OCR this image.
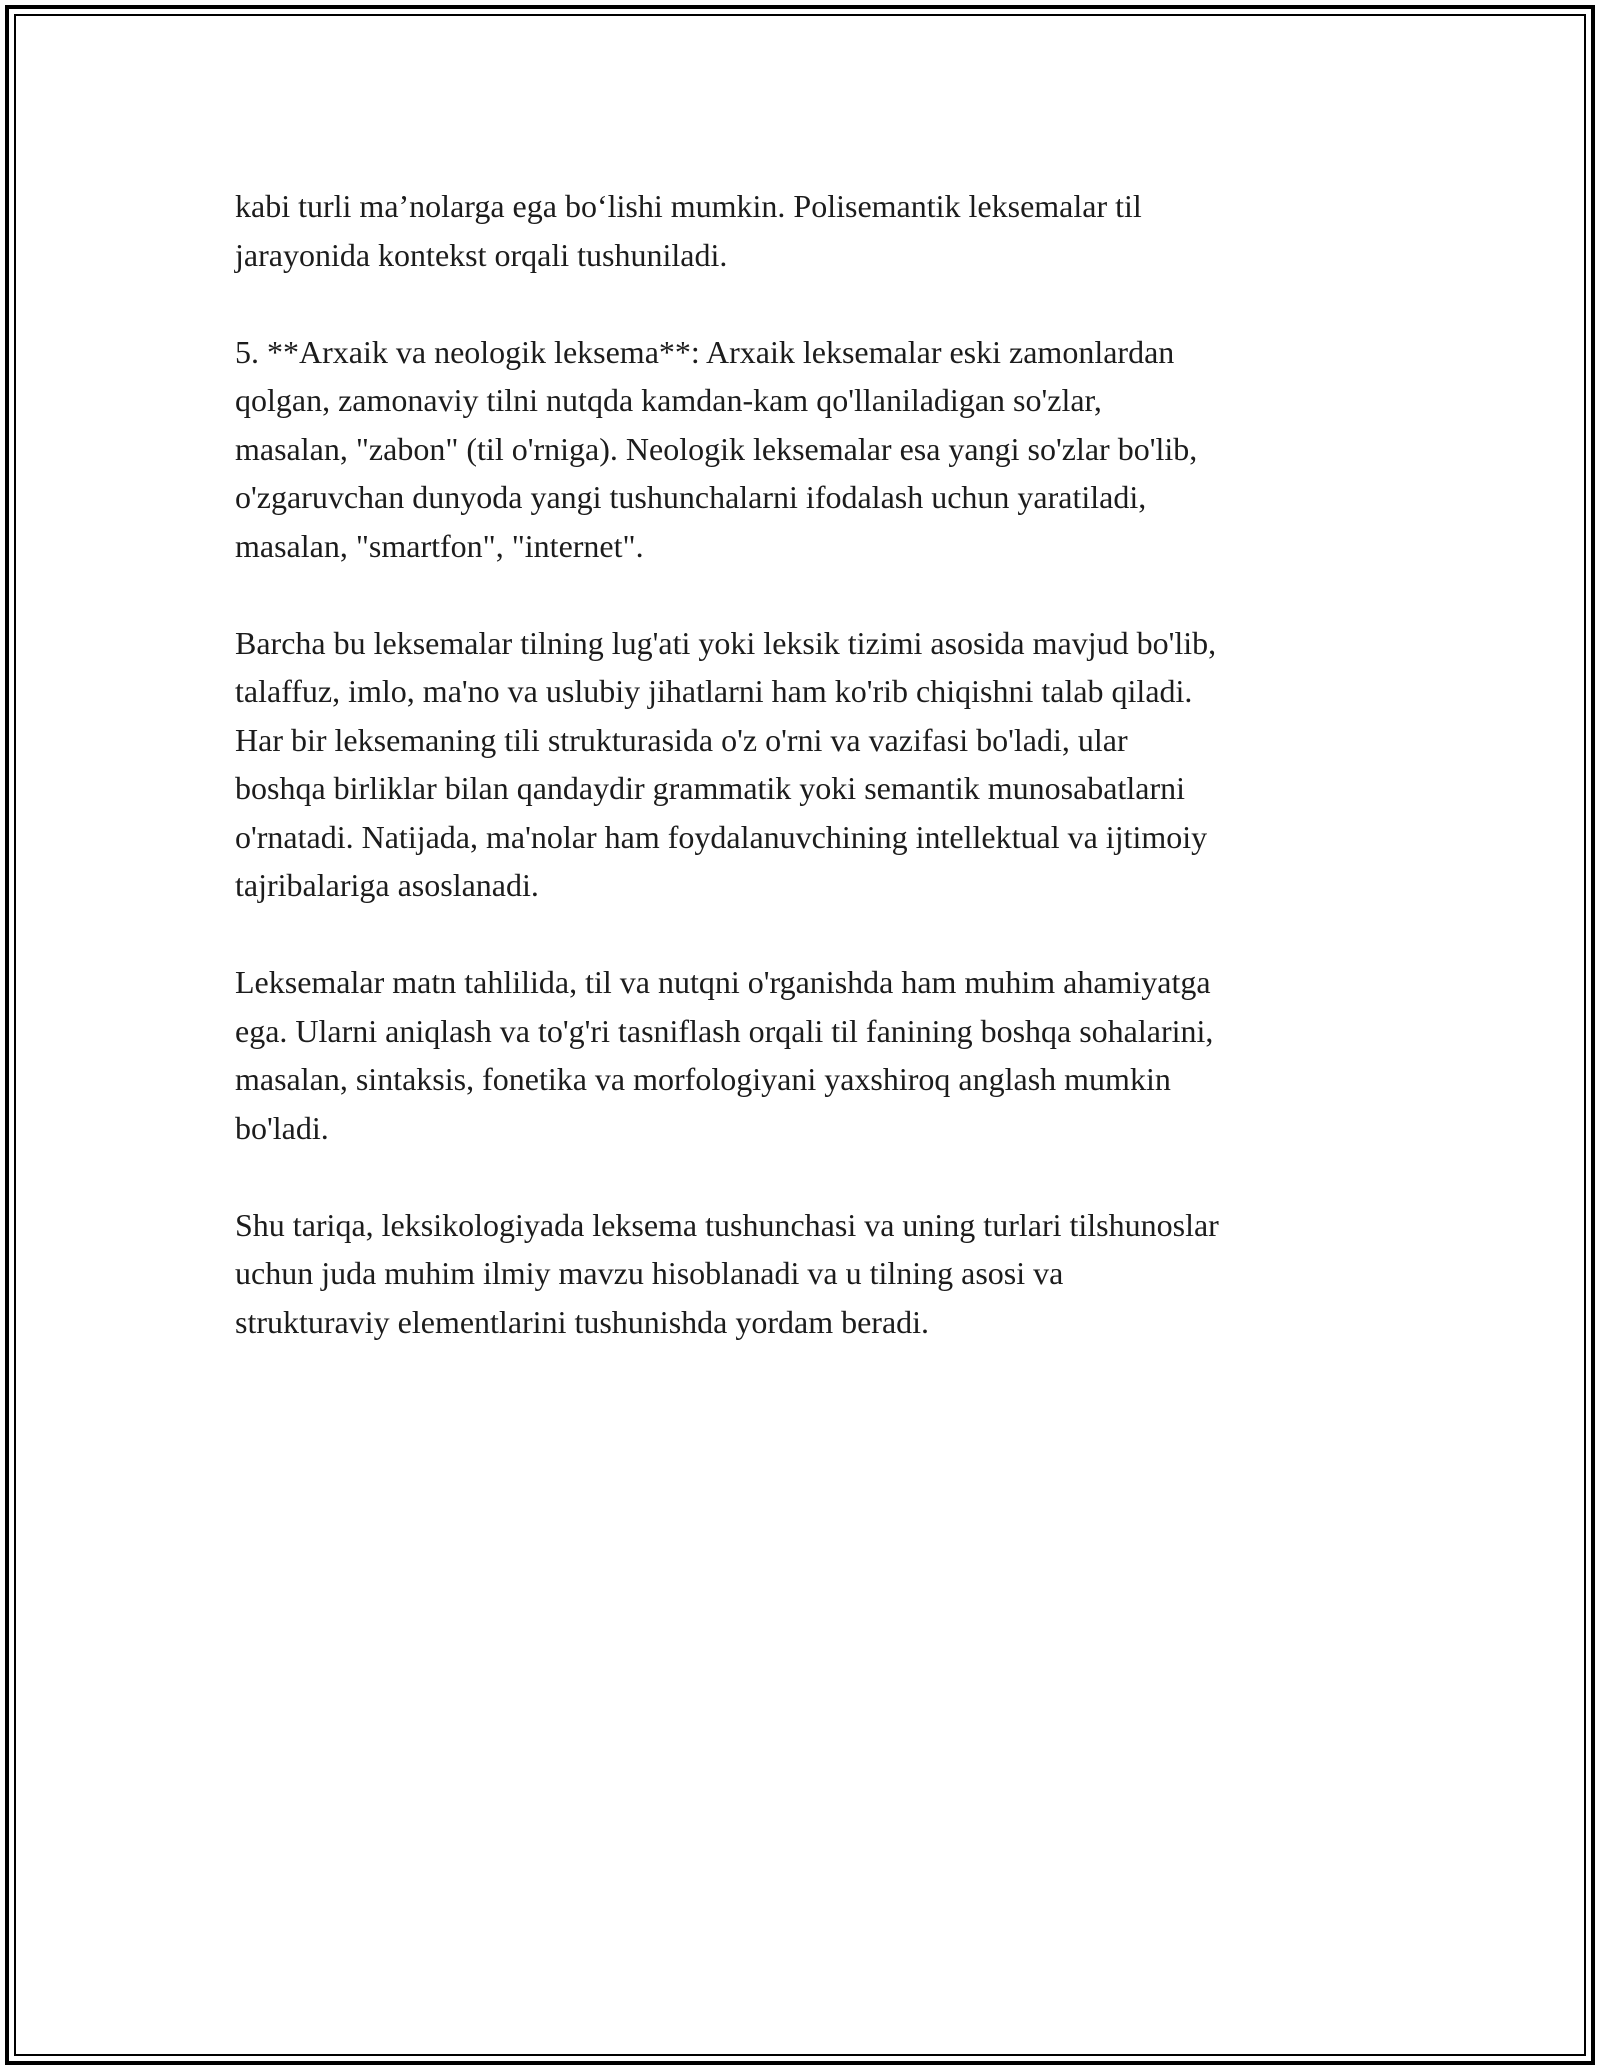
kabi turli ma’nolarga ega bo‘lishi mumkin. Polisemantik leksemalar til
jarayonida kontekst orqali tushuniladi.

5. **Arxaik va neologik leksema**: Arxaik leksemalar eski zamonlardan
qolgan, zamonaviy tilni nutqda kamdan-kam qo'llaniladigan so'zlar,
masalan, "zabon" (til o'rniga). Neologik leksemalar esa yangi so'zlar bo'lib,
o'zgaruvchan dunyoda yangi tushunchalarni ifodalash uchun yaratiladi,
masalan, "smartfon", "internet".

Barcha bu leksemalar tilning lug'ati yoki leksik tizimi asosida mavjud bo'lib,
talaffuz, imlo, ma'no va uslubiy jihatlarni ham ko'rib chiqishni talab qiladi.
Har bir leksemaning tili strukturasida o'z o'rni va vazifasi bo'ladi, ular
boshqa birliklar bilan qandaydir grammatik yoki semantik munosabatlarni
o'rnatadi. Natijada, ma'nolar ham foydalanuvchining intellektual va ijtimoiy
tajribalariga asoslanadi.

Leksemalar matn tahlilida, til va nutqni o'rganishda ham muhim ahamiyatga
ega. Ularni aniqlash va to'g'ri tasniflash orqali til fanining boshqa sohalarini,
masalan, sintaksis, fonetika va morfologiyani yaxshiroq anglash mumkin
bo'ladi.

Shu tariqa, leksikologiyada leksema tushunchasi va uning turlari tilshunoslar
uchun juda muhim ilmiy mavzu hisoblanadi va u tilning asosi va
strukturaviy elementlarini tushunishda yordam beradi.
